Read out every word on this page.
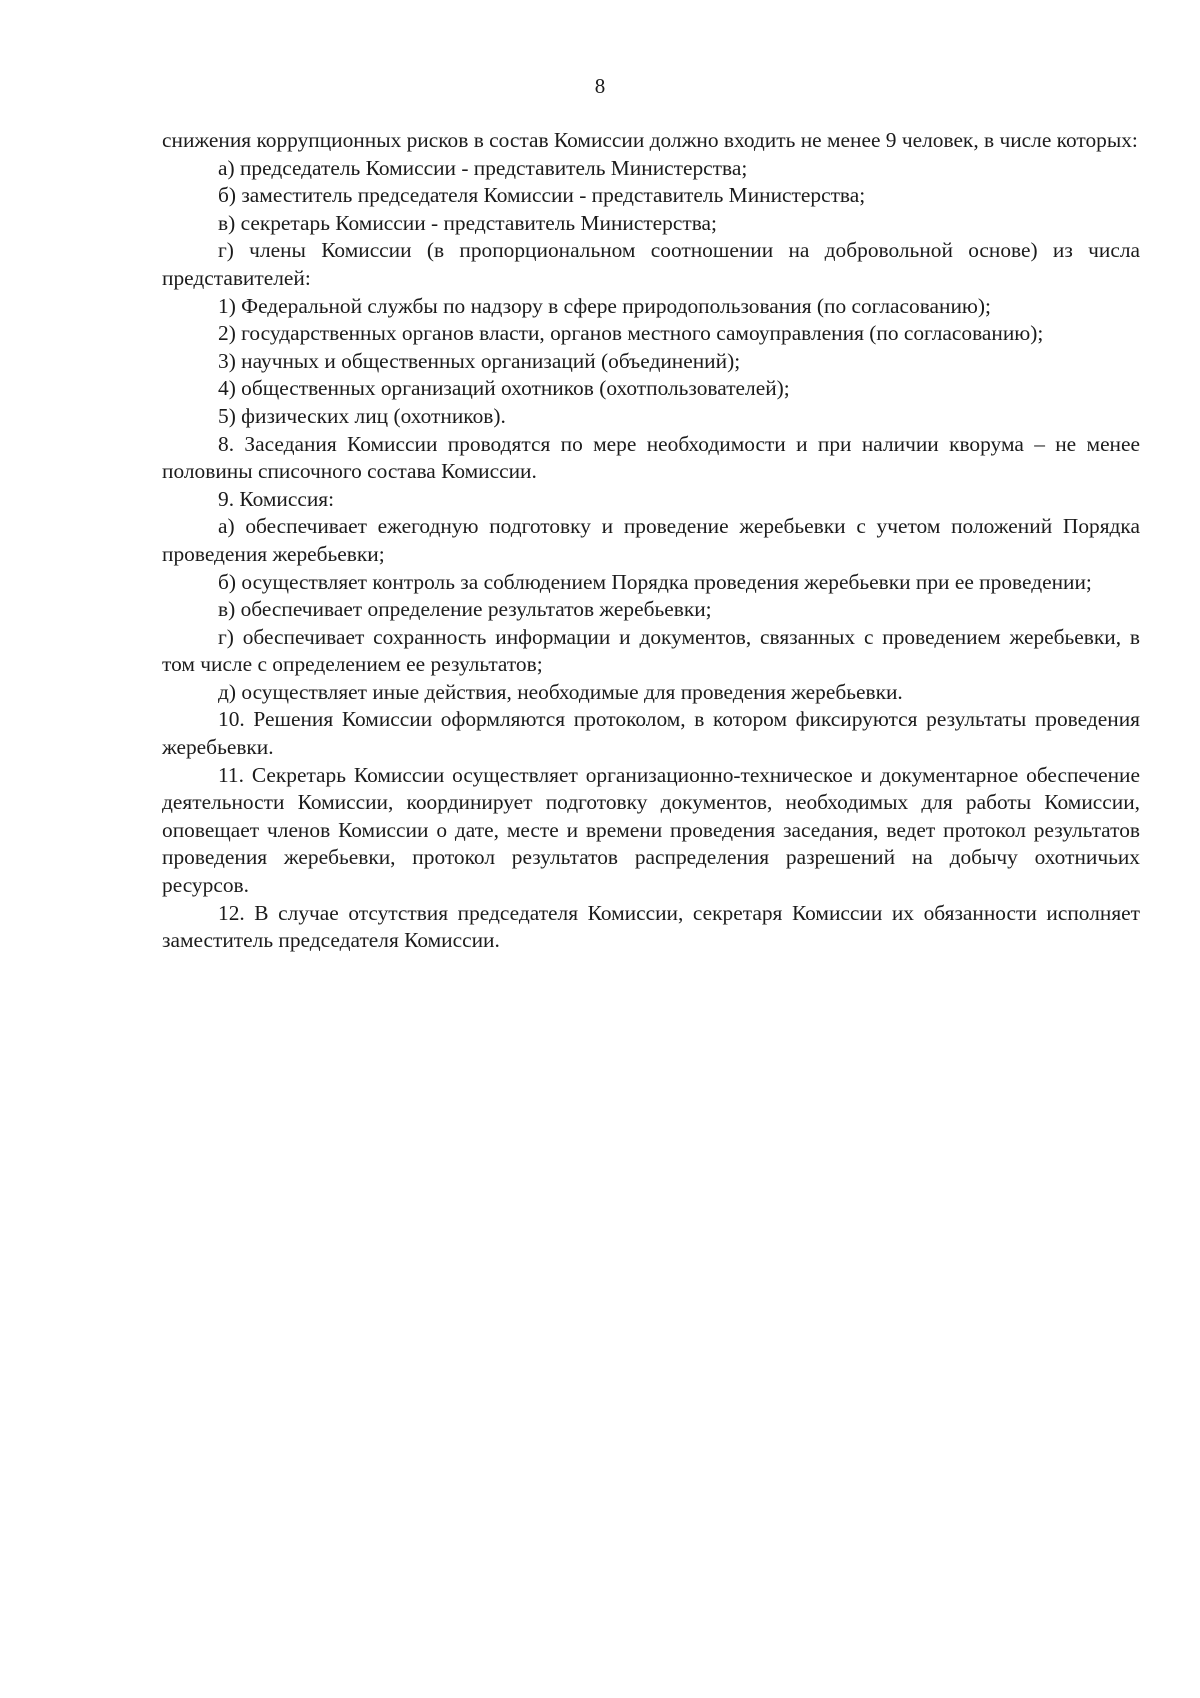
8

снижения коррупционных рисков в состав Комиссии должно входить не менее 9 человек, в числе которых:

а) председатель Комиссии - представитель Министерства;

б) заместитель председателя Комиссии - представитель Министерства;

в) секретарь Комиссии - представитель Министерства;

г) члены Комиссии (в пропорциональном соотношении на добровольной основе) из числа представителей:

1) Федеральной службы по надзору в сфере природопользования (по согласованию);

2) государственных органов власти, органов местного самоуправления (по согласованию);

3) научных и общественных организаций (объединений);

4) общественных организаций охотников (охотпользователей);

5) физических лиц (охотников).

8. Заседания Комиссии проводятся по мере необходимости и при наличии кворума – не менее половины списочного состава Комиссии.

9. Комиссия:

а) обеспечивает ежегодную подготовку и проведение жеребьевки с учетом положений Порядка проведения жеребьевки;

б) осуществляет контроль за соблюдением Порядка проведения жеребьевки при ее проведении;

в) обеспечивает определение результатов жеребьевки;

г) обеспечивает сохранность информации и документов, связанных с проведением жеребьевки, в том числе с определением ее результатов;

д) осуществляет иные действия, необходимые для проведения жеребьевки.

10. Решения Комиссии оформляются протоколом, в котором фиксируются результаты проведения жеребьевки.

11. Секретарь Комиссии осуществляет организационно-техническое и документарное обеспечение деятельности Комиссии, координирует подготовку документов, необходимых для работы Комиссии, оповещает членов Комиссии о дате, месте и времени проведения заседания, ведет протокол результатов проведения жеребьевки, протокол результатов распределения разрешений на добычу охотничьих ресурсов.

12. В случае отсутствия председателя Комиссии, секретаря Комиссии их обязанности исполняет заместитель председателя Комиссии.
